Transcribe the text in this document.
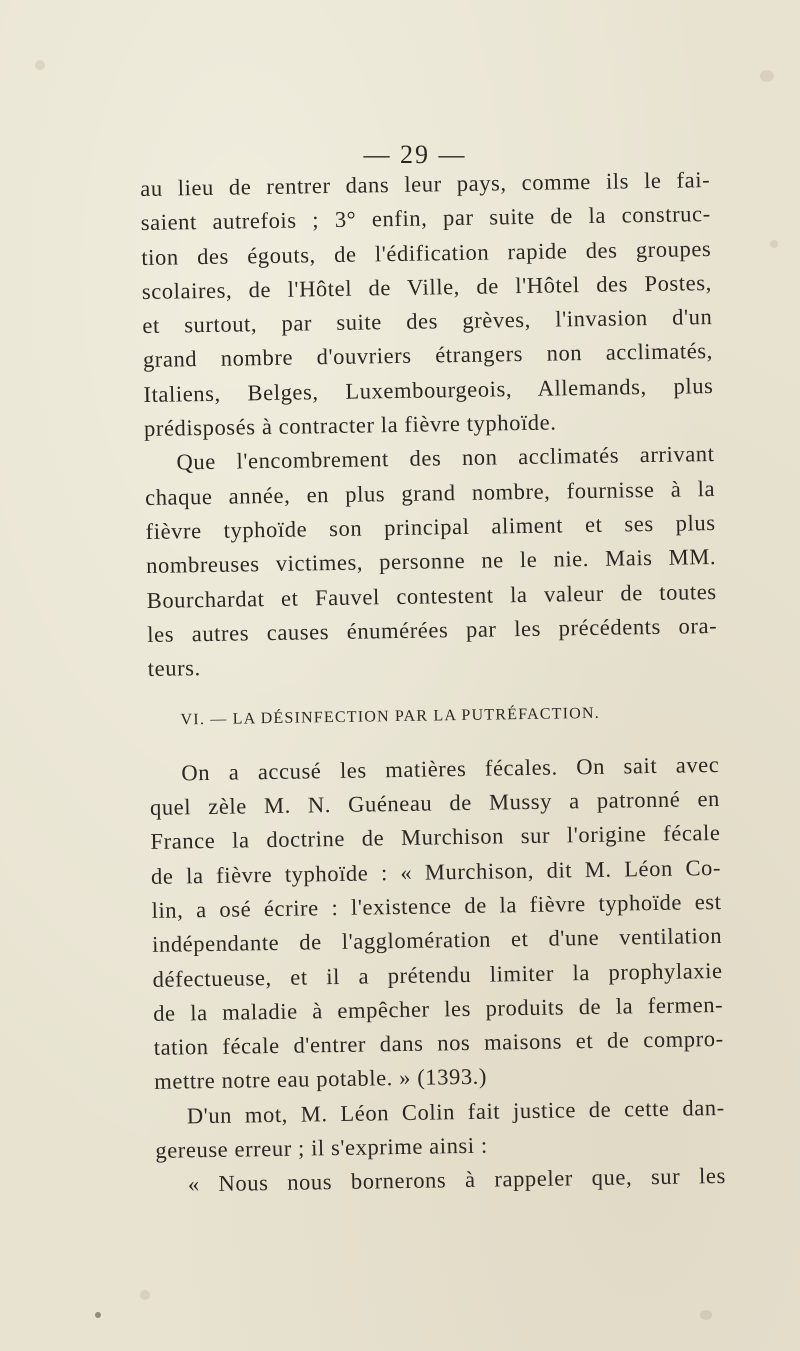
— 29 —
au lieu de rentrer dans leur pays, comme ils le fai-
saient autrefois ; 3° enfin, par suite de la construc-
tion des égouts, de l'édification rapide des groupes
scolaires, de l'Hôtel de Ville, de l'Hôtel des Postes,
et surtout, par suite des grèves, l'invasion d'un
grand nombre d'ouvriers étrangers non acclimatés,
Italiens, Belges, Luxembourgeois, Allemands, plus
prédisposés à contracter la fièvre typhoïde.
Que l'encombrement des non acclimatés arrivant
chaque année, en plus grand nombre, fournisse à la
fièvre typhoïde son principal aliment et ses plus
nombreuses victimes, personne ne le nie. Mais MM.
Bourchardat et Fauvel contestent la valeur de toutes
les autres causes énumérées par les précédents ora-
teurs.
VI. — LA DÉSINFECTION PAR LA PUTRÉFACTION.
On a accusé les matières fécales. On sait avec
quel zèle M. N. Guéneau de Mussy a patronné en
France la doctrine de Murchison sur l'origine fécale
de la fièvre typhoïde : « Murchison, dit M. Léon Co-
lin, a osé écrire : l'existence de la fièvre typhoïde est
indépendante de l'agglomération et d'une ventilation
défectueuse, et il a prétendu limiter la prophylaxie
de la maladie à empêcher les produits de la fermen-
tation fécale d'entrer dans nos maisons et de compro-
mettre notre eau potable. » (1393.)
D'un mot, M. Léon Colin fait justice de cette dan-
gereuse erreur ; il s'exprime ainsi :
« Nous nous bornerons à rappeler que, sur les
